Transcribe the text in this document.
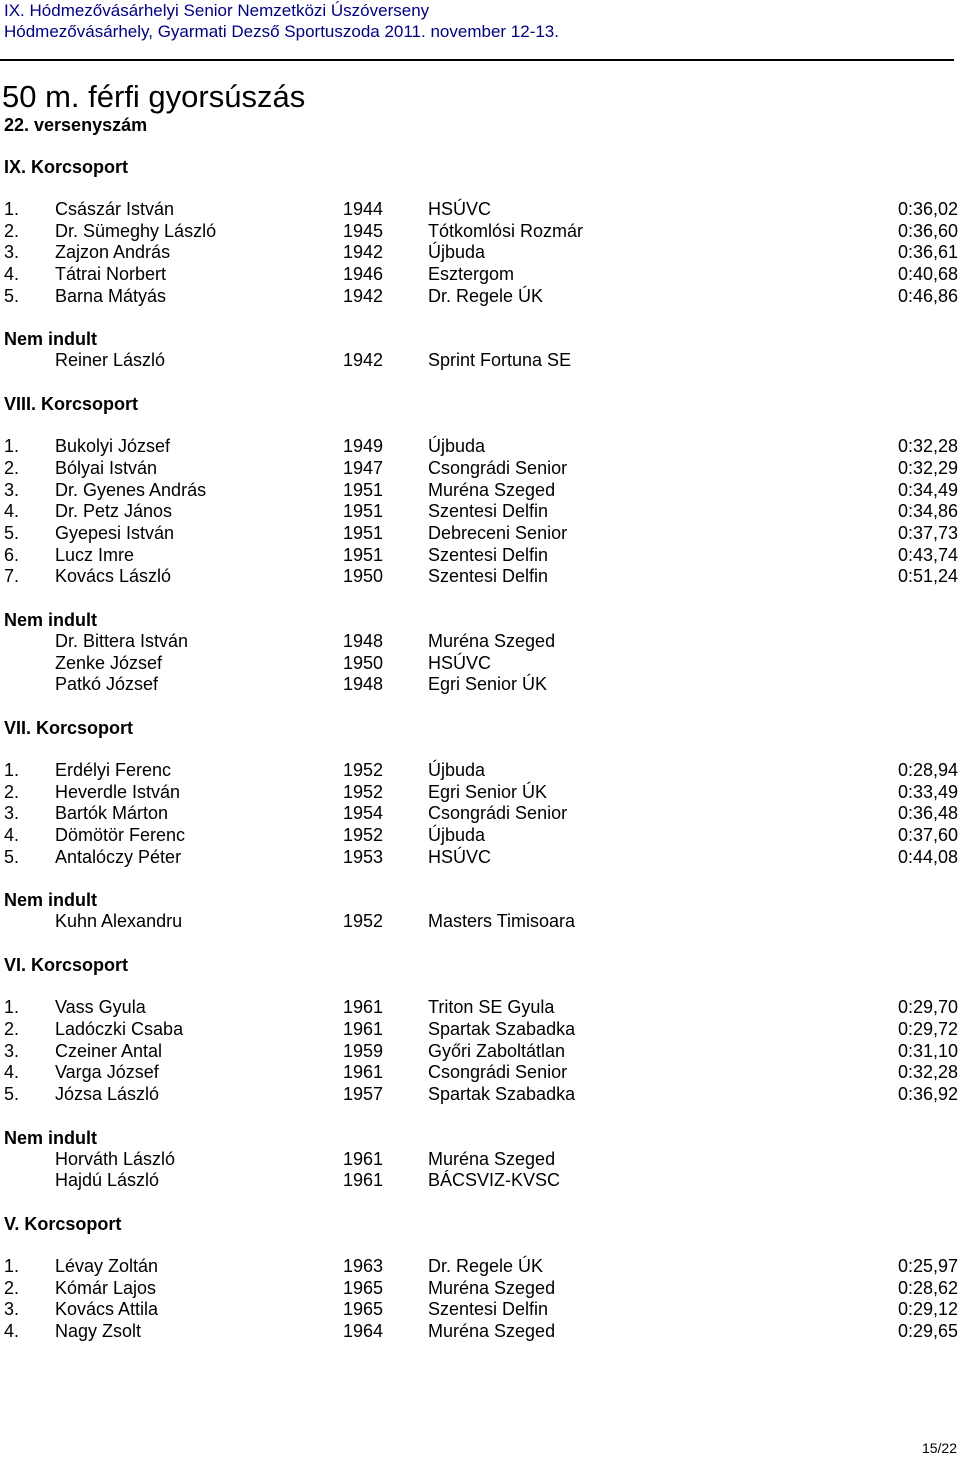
IX. Hódmezővásárhelyi Senior Nemzetközi Úszóverseny
Hódmezővásárhely, Gyarmati Dezső Sportuszoda 2011. november 12-13.
50 m. férfi gyorsúszás
22. versenyszám
IX. Korcsoport
1. Császár István	1944 HSÚVC	0:36,02
2. Dr. Sümeghy László	1945 Tótkomlósi Rozmár	0:36,60
3. Zajzon András	1942 Újbuda	0:36,61
4. Tátrai Norbert	1946 Esztergom	0:40,68
5. Barna Mátyás	1942 Dr. Regele ÚK	0:46,86
Nem indult
Reiner László	1942 Sprint Fortuna SE
VIII. Korcsoport
1. Bukolyi József	1949 Újbuda	0:32,28
2. Bólyai István	1947 Csongrádi Senior	0:32,29
3. Dr. Gyenes András	1951 Muréna Szeged	0:34,49
4. Dr. Petz János	1951 Szentesi Delfin	0:34,86
5. Gyepesi István	1951 Debreceni Senior	0:37,73
6. Lucz Imre	1951 Szentesi Delfin	0:43,74
7. Kovács László	1950 Szentesi Delfin	0:51,24
Nem indult
Dr. Bittera István	1948 Muréna Szeged
Zenke József	1950 HSÚVC
Patkó József	1948 Egri Senior ÚK
VII. Korcsoport
1. Erdélyi Ferenc	1952 Újbuda	0:28,94
2. Heverdle István	1952 Egri Senior ÚK	0:33,49
3. Bartók Márton	1954 Csongrádi Senior	0:36,48
4. Dömötör Ferenc	1952 Újbuda	0:37,60
5. Antalóczy Péter	1953 HSÚVC	0:44,08
Nem indult
Kuhn Alexandru	1952 Masters Timisoara
VI. Korcsoport
1. Vass Gyula	1961 Triton SE Gyula	0:29,70
2. Ladóczki Csaba	1961 Spartak Szabadka	0:29,72
3. Czeiner Antal	1959 Győri Zaboltátlan	0:31,10
4. Varga József	1961 Csongrádi Senior	0:32,28
5. Józsa László	1957 Spartak Szabadka	0:36,92
Nem indult
Horváth László	1961 Muréna Szeged
Hajdú László	1961 BÁCSVIZ-KVSC
V. Korcsoport
1. Lévay Zoltán	1963 Dr. Regele ÚK	0:25,97
2. Kómár Lajos	1965 Muréna Szeged	0:28,62
3. Kovács Attila	1965 Szentesi Delfin	0:29,12
4. Nagy Zsolt	1964 Muréna Szeged	0:29,65
15/22
